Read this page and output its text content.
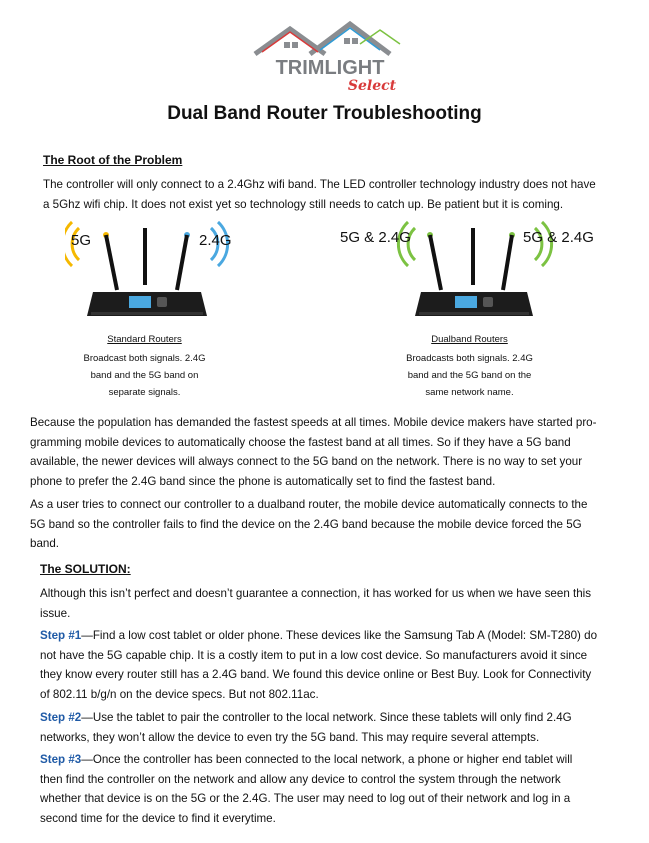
TRIMLIGHT
Select
Dual Band Router Troubleshooting
The Root of the Problem
The controller will only connect to a 2.4Ghz wifi band. The LED controller technology industry does not have
a 5Ghz wifi chip. It does not exist yet so technology still needs to catch up. Be patient but it is coming.
5G	2.4G
Standard Routers
Broadcast both signals. 2.4G
band and the 5G band on
separate signals.
5G & 2.4G	5G & 2.4G
Dualband Routers
Broadcasts both signals. 2.4G
band and the 5G band on the
same network name.
Because the population has demanded the fastest speeds at all times. Mobile device makers have started pro-
gramming mobile devices to automatically choose the fastest band at all times. So if they have a 5G band
available, the newer devices will always connect to the 5G band on the network. There is no way to set your
phone to prefer the 2.4G band since the phone is automatically set to find the fastest band.
As a user tries to connect our controller to a dualband router, the mobile device automatically connects to the
5G band so the controller fails to find the device on the 2.4G band because the mobile device forced the 5G
band.
The SOLUTION:
Although this isn’t perfect and doesn’t guarantee a connection, it has worked for us when we have seen this
issue.
Step #1—Find a low cost tablet or older phone. These devices like the Samsung Tab A (Model: SM-T280) do
not have the 5G capable chip. It is a costly item to put in a low cost device. So manufacturers avoid it since
they know every router still has a 2.4G band. We found this device online or Best Buy. Look for Connectivity
of 802.11 b/g/n on the device specs. But not 802.11ac.
Step #2—Use the tablet to pair the controller to the local network. Since these tablets will only find 2.4G
networks, they won’t allow the device to even try the 5G band. This may require several attempts.
Step #3—Once the controller has been connected to the local network, a phone or higher end tablet will
then find the controller on the network and allow any device to control the system through the network
whether that device is on the 5G or the 2.4G. The user may need to log out of their network and log in a
second time for the device to find it everytime.
